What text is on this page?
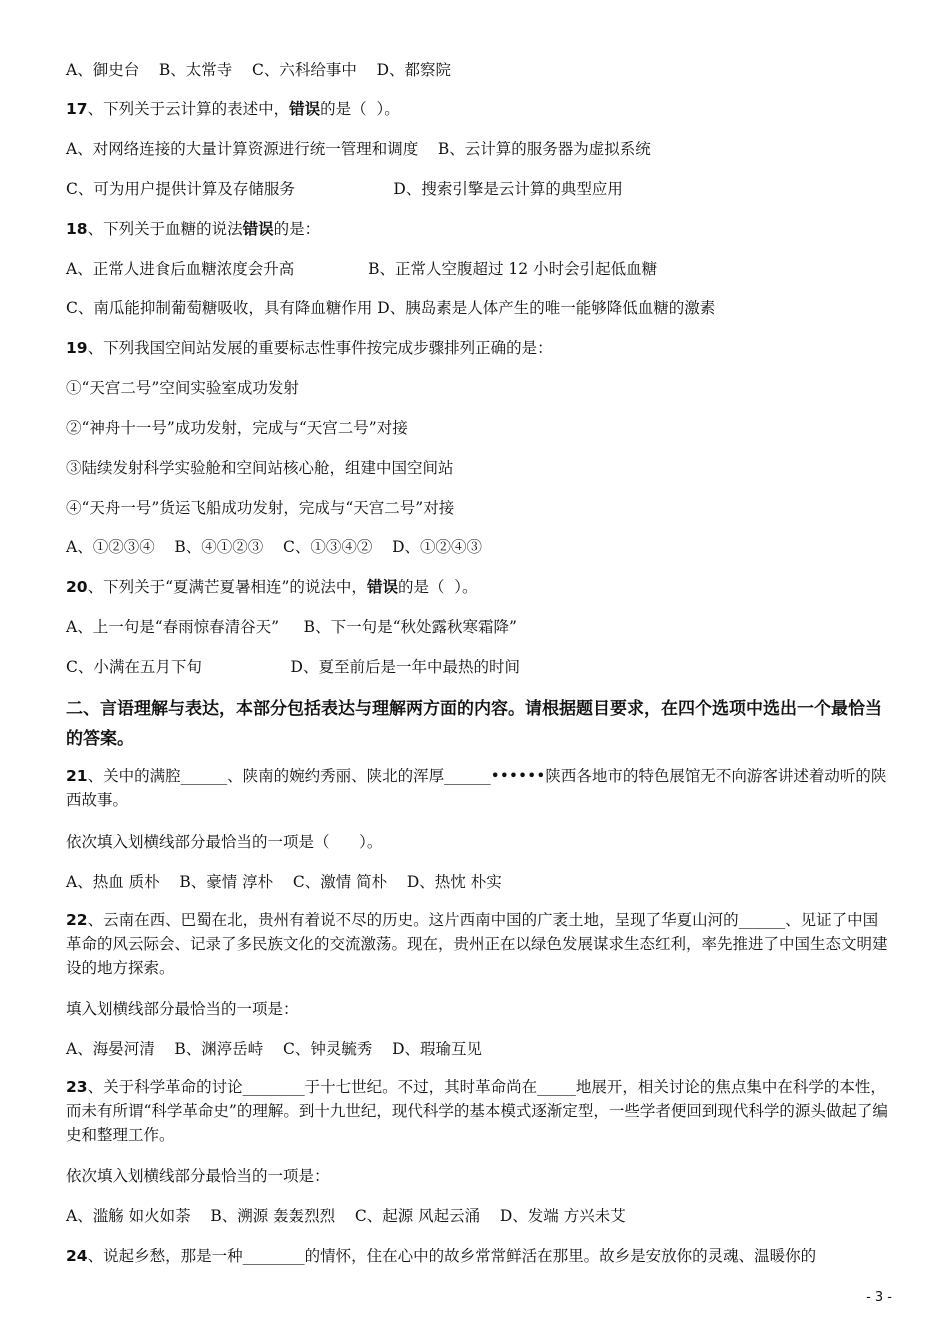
A、御史台    B、太常寺    C、六科给事中    D、都察院
17、下列关于云计算的表述中，错误的是（  ）。
A、对网络连接的大量计算资源进行统一管理和调度    B、云计算的服务器为虚拟系统
C、可为用户提供计算及存储服务                    D、搜索引擎是云计算的典型应用
18、下列关于血糖的说法错误的是：
A、正常人进食后血糖浓度会升高               B、正常人空腹超过 12 小时会引起低血糖
C、南瓜能抑制葡萄糖吸收，具有降血糖作用 D、胰岛素是人体产生的唯一能够降低血糖的激素
19、下列我国空间站发展的重要标志性事件按完成步骤排列正确的是：
①“天宫二号”空间实验室成功发射
②“神舟十一号”成功发射，完成与“天宫二号”对接
③陆续发射科学实验舱和空间站核心舱，组建中国空间站
④“天舟一号”货运飞船成功发射，完成与“天宫二号”对接
A、①②③④    B、④①②③    C、①③④②    D、①②④③
20、下列关于“夏满芒夏暑相连”的说法中，错误的是（  ）。
A、上一句是“春雨惊春清谷天”     B、下一句是“秋处露秋寒霜降”
C、小满在五月下旬                  D、夏至前后是一年中最热的时间
二、言语理解与表达，本部分包括表达与理解两方面的内容。请根据题目要求，在四个选项中选出一个最恰当的答案。
21、关中的满腔______、陕南的婉约秀丽、陕北的浑厚______••••••陕西各地市的特色展馆无不向游客讲述着动听的陕西故事。
依次填入划横线部分最恰当的一项是（      ）。
A、热血 质朴    B、豪情 淳朴    C、激情 简朴    D、热忱 朴实
22、云南在西、巴蜀在北，贵州有着说不尽的历史。这片西南中国的广袤土地，呈现了华夏山河的______、见证了中国革命的风云际会、记录了多民族文化的交流激荡。现在，贵州正在以绿色发展谋求生态红利，率先推进了中国生态文明建设的地方探索。
填入划横线部分最恰当的一项是：
A、海晏河清    B、渊渟岳峙    C、钟灵毓秀    D、瑕瑜互见
23、关于科学革命的讨论________于十七世纪。不过，其时革命尚在_____地展开，相关讨论的焦点集中在科学的本性，而未有所谓“科学革命史”的理解。到十九世纪，现代科学的基本模式逐渐定型，一些学者便回到现代科学的源头做起了编史和整理工作。
依次填入划横线部分最恰当的一项是：
A、滥觞 如火如荼    B、溯源 轰轰烈烈    C、起源 风起云涌    D、发端 方兴未艾
24、说起乡愁，那是一种________的情怀，住在心中的故乡常常鲜活在那里。故乡是安放你的灵魂、温暖你的
- 3 -
